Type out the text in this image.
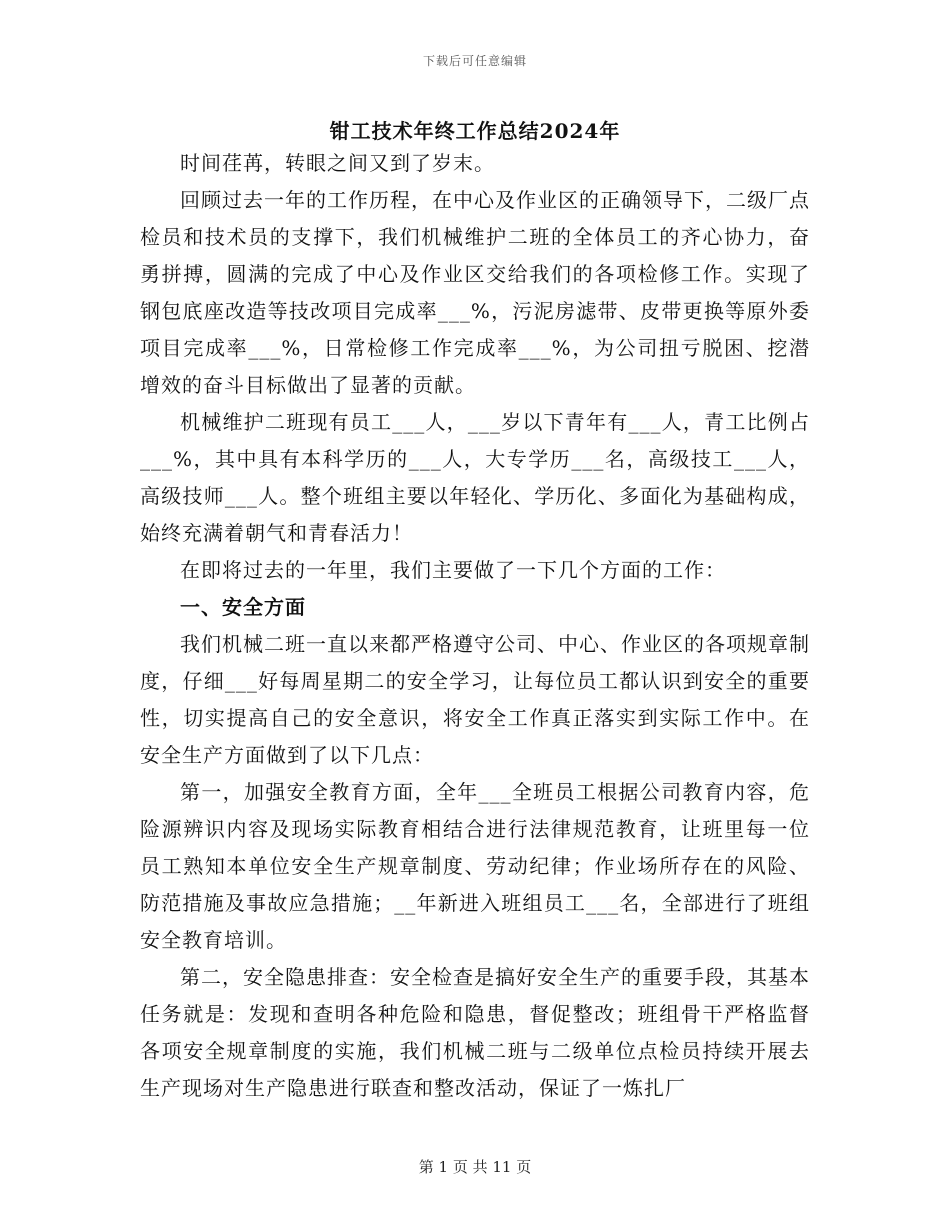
下载后可任意编辑
钳工技术年终工作总结2024年

时间荏苒，转眼之间又到了岁末。

回顾过去一年的工作历程，在中心及作业区的正确领导下，二级厂点检员和技术员的支撑下，我们机械维护二班的全体员工的齐心协力，奋勇拼搏，圆满的完成了中心及作业区交给我们的各项检修工作。实现了钢包底座改造等技改项目完成率___%，污泥房滤带、皮带更换等原外委项目完成率___%，日常检修工作完成率___%，为公司扭亏脱困、挖潜增效的奋斗目标做出了显著的贡献。

机械维护二班现有员工___人，___岁以下青年有___人，青工比例占___%，其中具有本科学历的___人，大专学历___名，高级技工___人，高级技师___人。整个班组主要以年轻化、学历化、多面化为基础构成，始终充满着朝气和青春活力！

在即将过去的一年里，我们主要做了一下几个方面的工作：

一、安全方面

我们机械二班一直以来都严格遵守公司、中心、作业区的各项规章制度，仔细___好每周星期二的安全学习，让每位员工都认识到安全的重要性，切实提高自己的安全意识，将安全工作真正落实到实际工作中。在安全生产方面做到了以下几点：

第一，加强安全教育方面，全年___全班员工根据公司教育内容，危险源辨识内容及现场实际教育相结合进行法律规范教育，让班里每一位员工熟知本单位安全生产规章制度、劳动纪律；作业场所存在的风险、防范措施及事故应急措施；__年新进入班组员工___名，全部进行了班组安全教育培训。

第二，安全隐患排查：安全检查是搞好安全生产的重要手段，其基本任务就是：发现和查明各种危险和隐患，督促整改；班组骨干严格监督各项安全规章制度的实施，我们机械二班与二级单位点检员持续开展去生产现场对生产隐患进行联查和整改活动，保证了一炼扎厂

第 1 页 共 11 页
